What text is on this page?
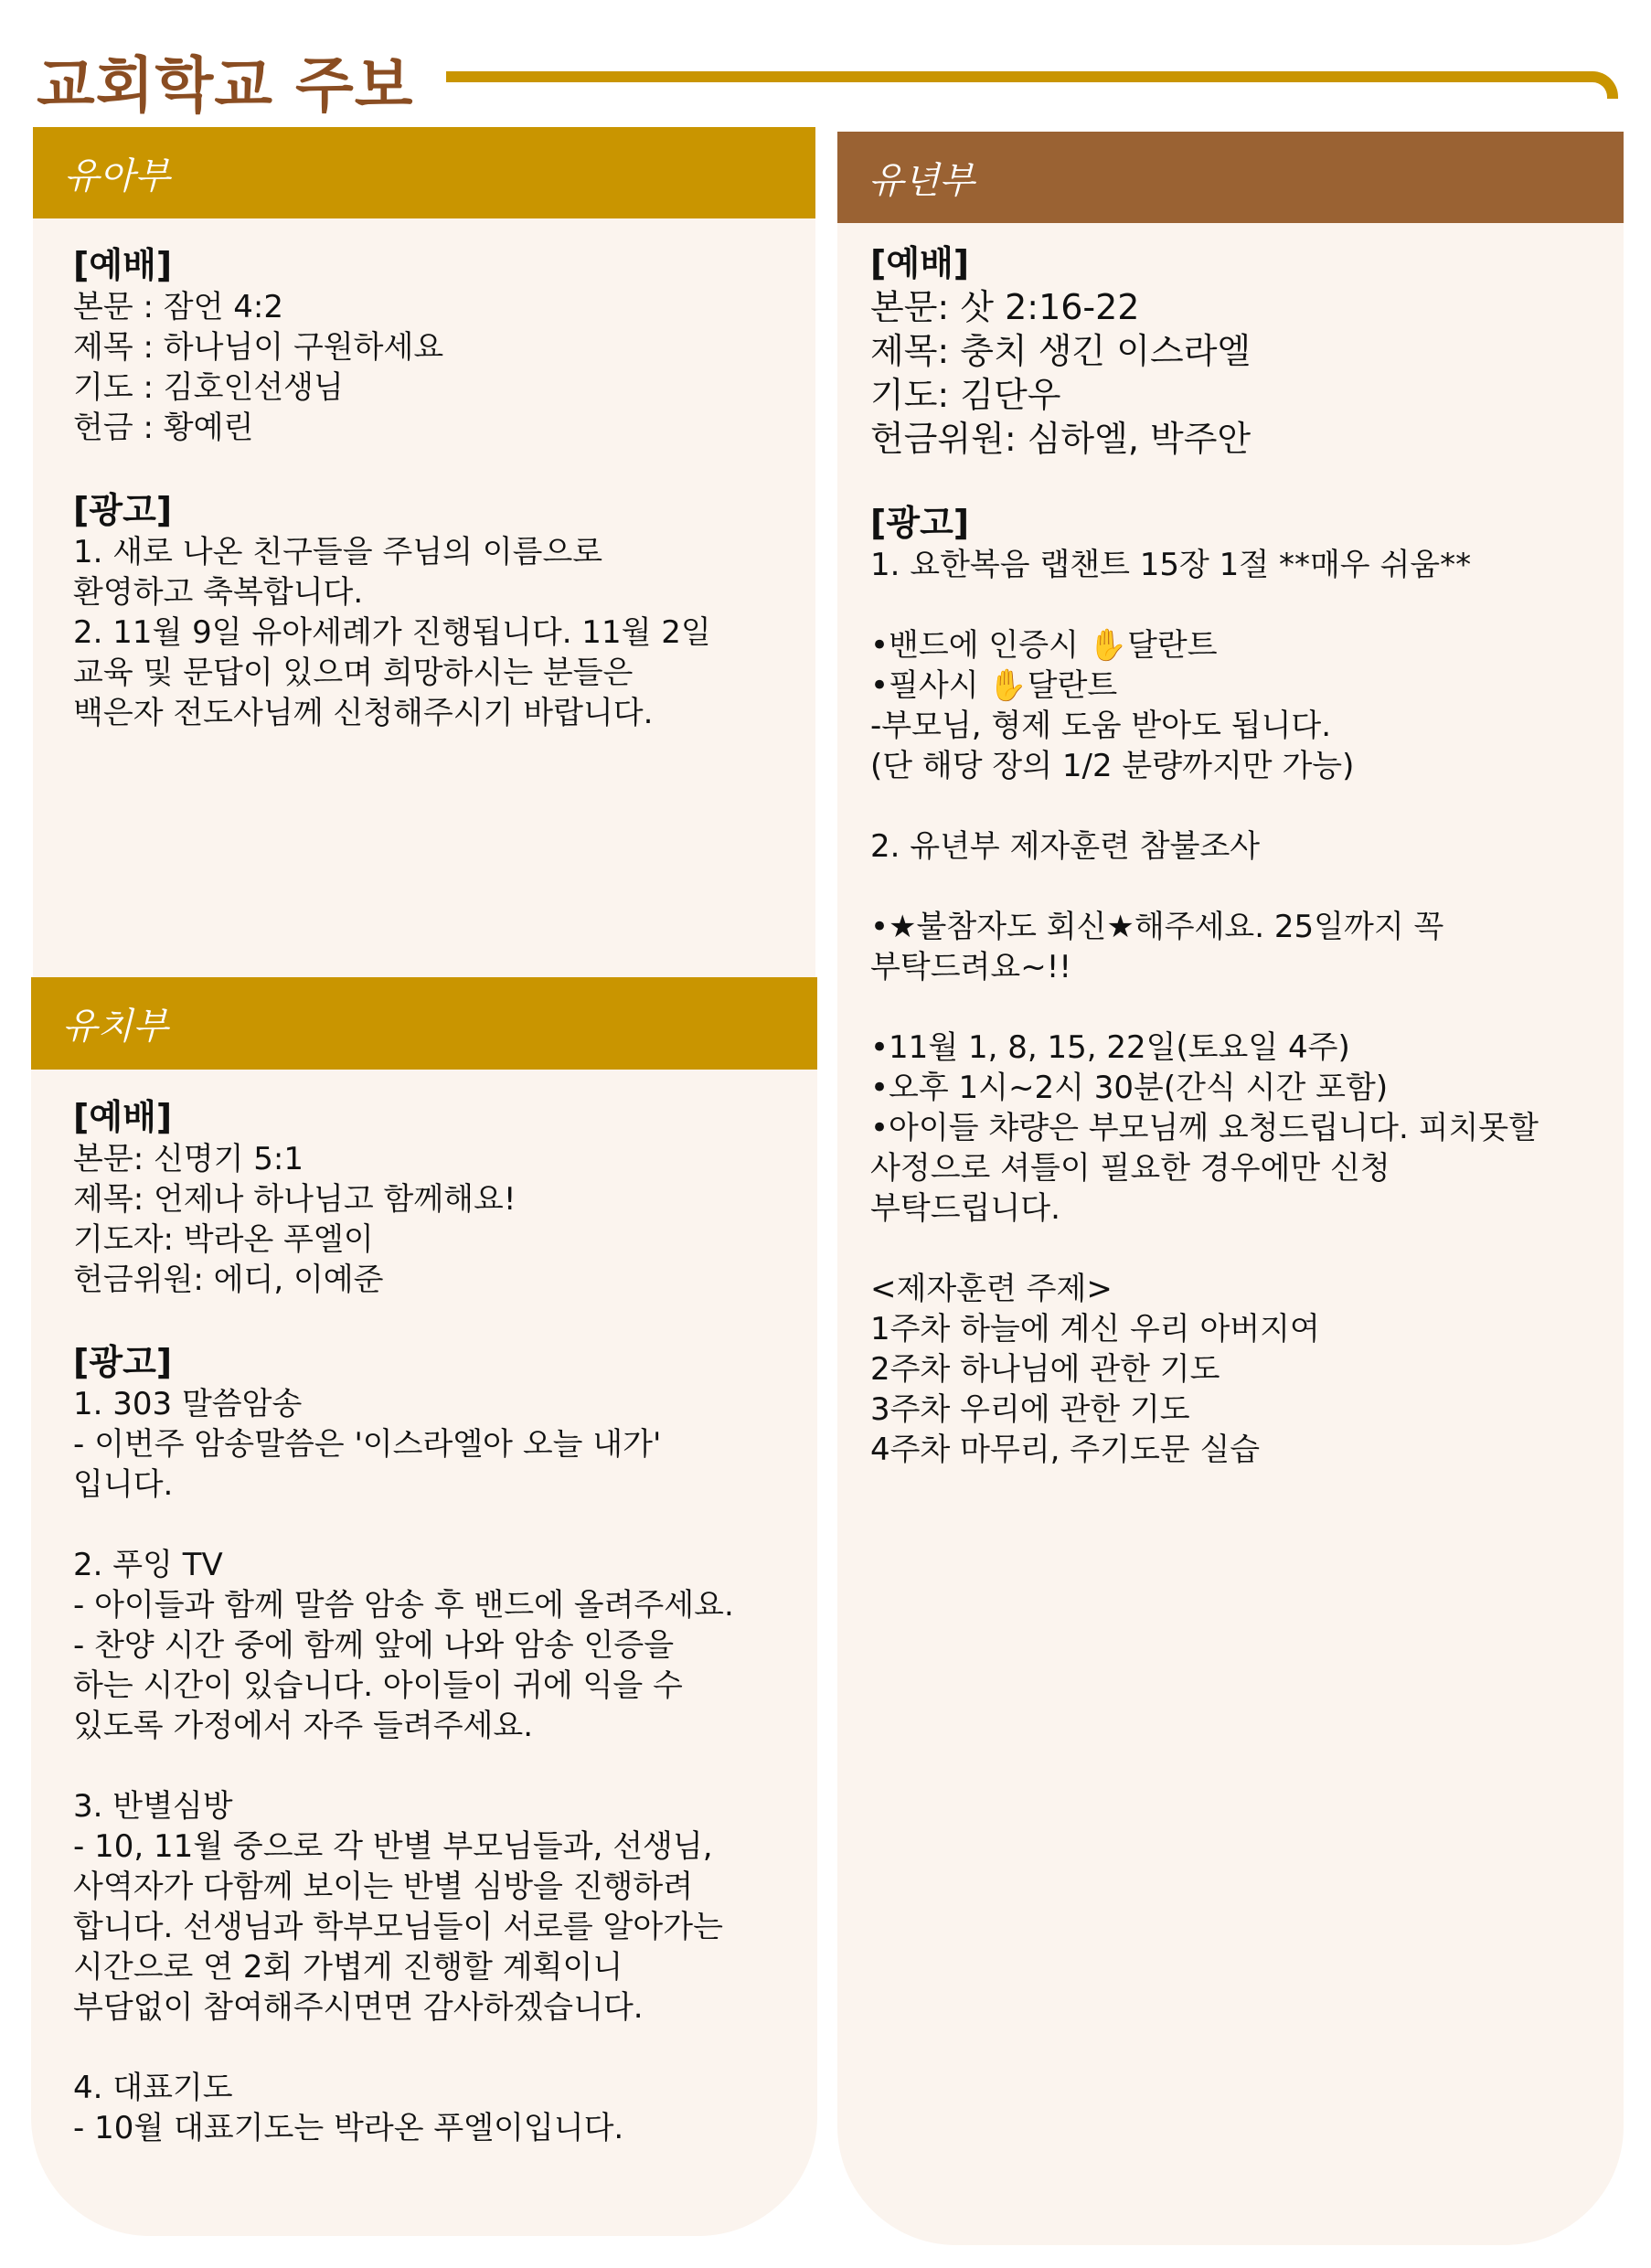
교회학교 주보
유아부
유치부
유년부
[예배]
본문 : 잠언 4:2
제목 : 하나님이 구원하세요
기도 : 김호인선생님
헌금 : 황예린
[광고]
1. 새로 나온 친구들을 주님의 이름으로
환영하고 축복합니다.
2. 11월 9일 유아세례가 진행됩니다. 11월 2일
교육 및 문답이 있으며 희망하시는 분들은
백은자 전도사님께 신청해주시기 바랍니다.
[예배]
본문: 신명기 5:1
제목: 언제나 하나님고 함께해요!
기도자: 박라온 푸엘이
헌금위원: 에디, 이예준
[광고]
1. 303 말씀암송
- 이번주 암송말씀은 '이스라엘아 오늘 내가'
입니다.
2. 푸잉 TV
- 아이들과 함께 말씀 암송 후 밴드에 올려주세요.
- 찬양 시간 중에 함께 앞에 나와 암송 인증을
하는 시간이 있습니다. 아이들이 귀에 익을 수
있도록 가정에서 자주 들려주세요.
3. 반별심방
- 10, 11월 중으로 각 반별 부모님들과, 선생님,
사역자가 다함께 보이는 반별 심방을 진행하려
합니다. 선생님과 학부모님들이 서로를 알아가는
시간으로 연 2회 가볍게 진행할 계획이니
부담없이 참여해주시면면 감사하겠습니다.
4. 대표기도
- 10월 대표기도는 박라온 푸엘이입니다.
[예배]
본문: 삿 2:16-22
제목: 충치 생긴 이스라엘
기도: 김단우
헌금위원: 심하엘, 박주안
[광고]
1. 요한복음 랩챈트 15장 1절 **매우 쉬움**
•밴드에 인증시 ✋달란트
•필사시 ✋달란트
-부모님, 형제 도움 받아도 됩니다.
(단 해당 장의 1/2 분량까지만 가능)
2. 유년부 제자훈련 참불조사
•★불참자도 회신★해주세요. 25일까지 꼭
부탁드려요~!!
•11월 1, 8, 15, 22일(토요일 4주)
•오후 1시~2시 30분(간식 시간 포함)
•아이들 챠량은 부모님께 요청드립니다. 피치못할
사정으로 셔틀이 필요한 경우에만 신청
부탁드립니다.
<제자훈련 주제>
1주차 하늘에 계신 우리 아버지여
2주차 하나님에 관한 기도
3주차 우리에 관한 기도
4주차 마무리, 주기도문 실습
